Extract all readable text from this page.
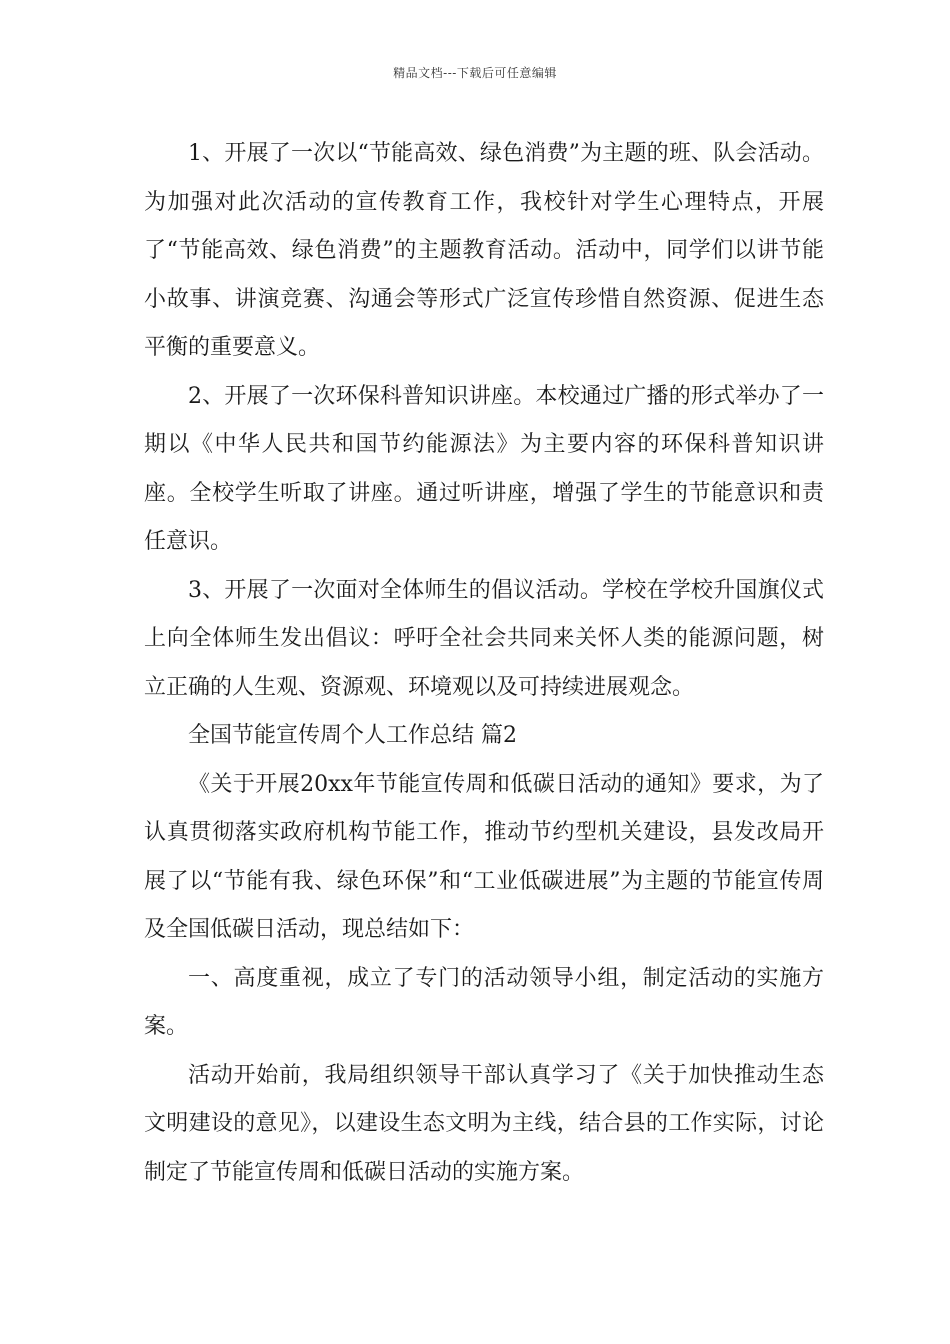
精品文档---下载后可任意编辑

1、开展了一次以“节能高效、绿色消费”为主题的班、队会活动。为加强对此次活动的宣传教育工作，我校针对学生心理特点，开展了“节能高效、绿色消费”的主题教育活动。活动中，同学们以讲节能小故事、讲演竞赛、沟通会等形式广泛宣传珍惜自然资源、促进生态平衡的重要意义。

2、开展了一次环保科普知识讲座。本校通过广播的形式举办了一期以《中华人民共和国节约能源法》为主要内容的环保科普知识讲座。全校学生听取了讲座。通过听讲座，增强了学生的节能意识和责任意识。

3、开展了一次面对全体师生的倡议活动。学校在学校升国旗仪式上向全体师生发出倡议：呼吁全社会共同来关怀人类的能源问题，树立正确的人生观、资源观、环境观以及可持续进展观念。

全国节能宣传周个人工作总结 篇2

《关于开展20xx年节能宣传周和低碳日活动的通知》要求，为了认真贯彻落实政府机构节能工作，推动节约型机关建设，县发改局开展了以“节能有我、绿色环保”和“工业低碳进展”为主题的节能宣传周及全国低碳日活动，现总结如下：

一、高度重视，成立了专门的活动领导小组，制定活动的实施方案。

活动开始前，我局组织领导干部认真学习了《关于加快推动生态文明建设的意见》，以建设生态文明为主线，结合县的工作实际，讨论制定了节能宣传周和低碳日活动的实施方案。
